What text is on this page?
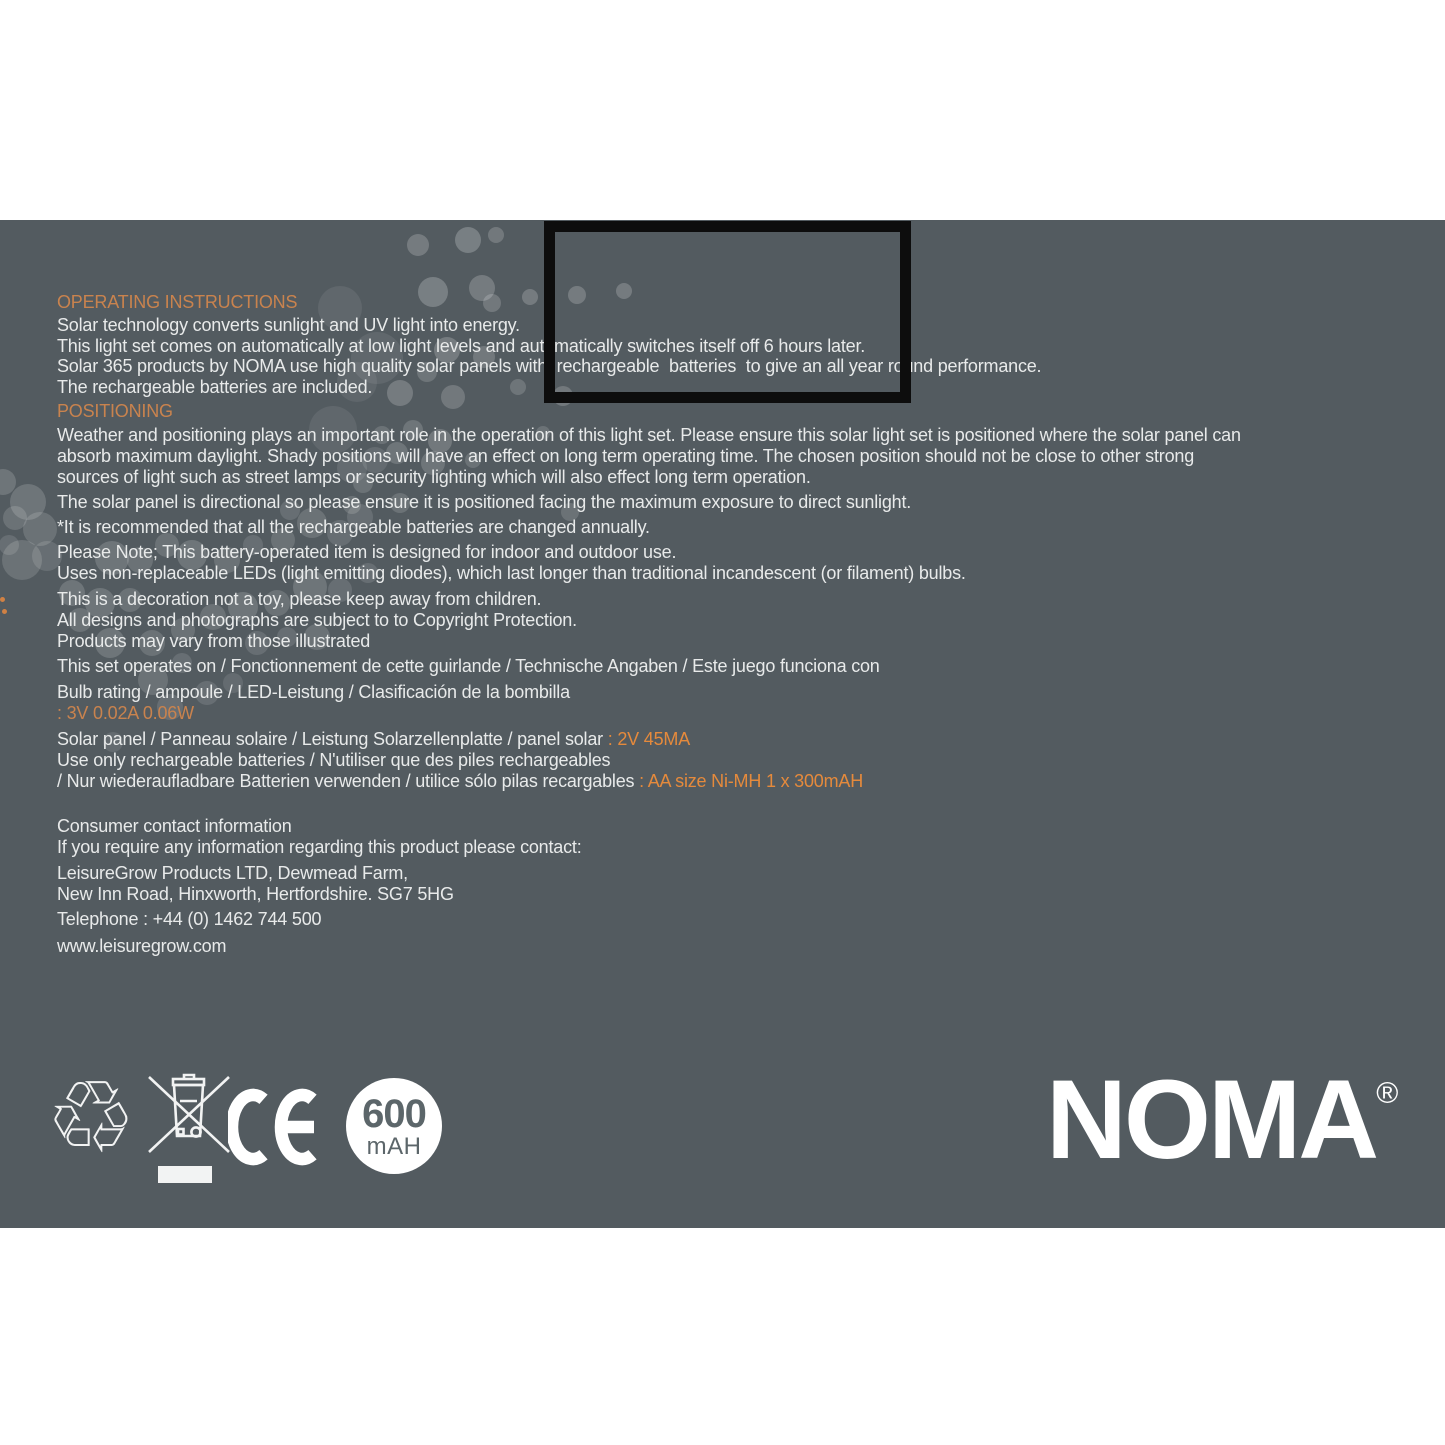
OPERATING INSTRUCTIONS
Solar technology converts sunlight and UV light into energy.
This light set comes on automatically at low light levels and automatically switches itself off 6 hours later.
Solar 365 products by NOMA use high quality solar panels with  rechargeable  batteries  to give an all year round performance.
The rechargeable batteries are included.
POSITIONING
Weather and positioning plays an important role in the operation of this light set. Please ensure this solar light set is positioned where the solar panel can
absorb maximum daylight. Shady positions will have an effect on long term operating time. The chosen position should not be close to other strong
sources of light such as street lamps or security lighting which will also effect long term operation.
The solar panel is directional so please ensure it is positioned facing the maximum exposure to direct sunlight.
*It is recommended that all the rechargeable batteries are changed annually.
Please Note; This battery-operated item is designed for indoor and outdoor use.
Uses non-replaceable LEDs (light emitting diodes), which last longer than traditional incandescent (or filament) bulbs.
This is a decoration not a toy, please keep away from children.
All designs and photographs are subject to to Copyright Protection.
Products may vary from those illustrated
This set operates on / Fonctionnement de cette guirlande / Technische Angaben / Este juego funciona con
Bulb rating / ampoule / LED-Leistung / Clasificación de la bombilla
: 3V 0.02A 0.06W
Solar panel / Panneau solaire / Leistung Solarzellenplatte / panel solar : 2V 45MA
Use only rechargeable batteries / N'utiliser que des piles rechargeables
/ Nur wiederaufladbare Batterien verwenden / utilice sólo pilas recargables : AA size Ni-MH 1 x 300mAH
Consumer contact information
If you require any information regarding this product please contact:
LeisureGrow Products LTD, Dewmead Farm,
New Inn Road, Hinxworth, Hertfordshire. SG7 5HG
Telephone : +44 (0) 1462 744 500
www.leisuregrow.com
♲	600
mAH	NOMA®
